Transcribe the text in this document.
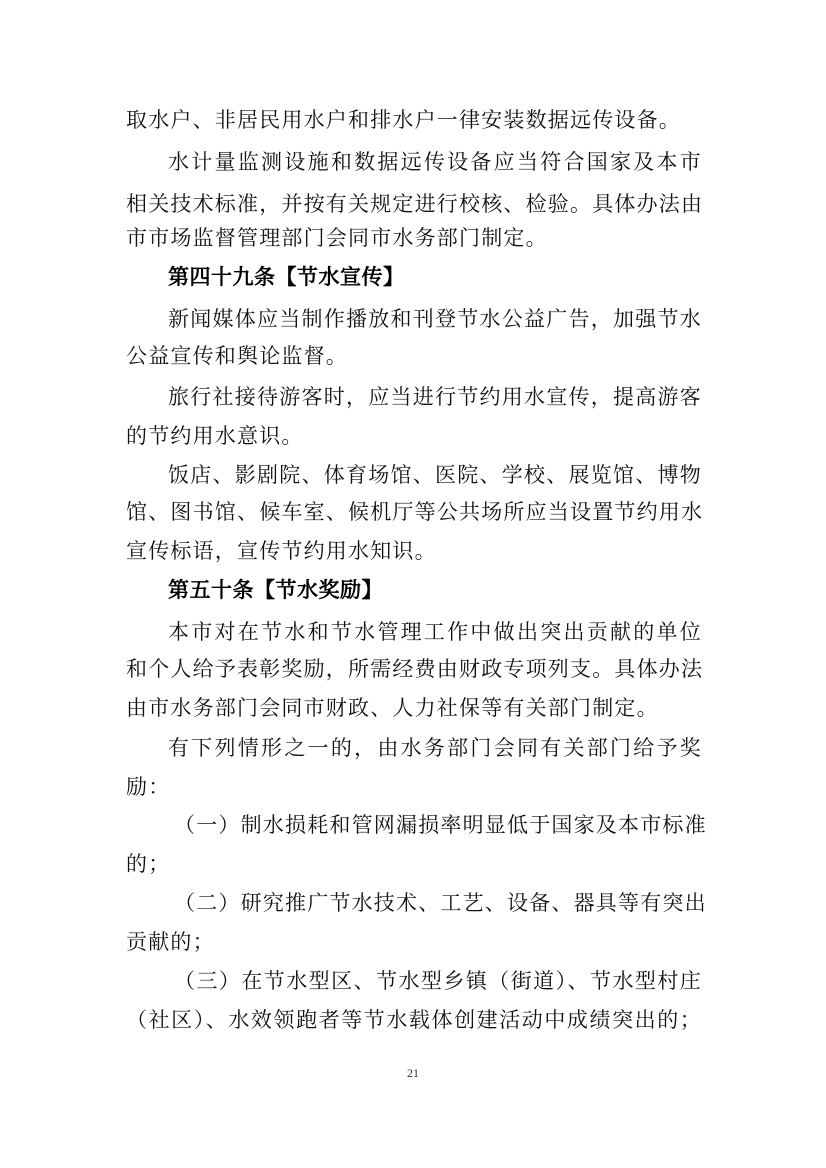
取水户、非居民用水户和排水户一律安装数据远传设备。
水计量监测设施和数据远传设备应当符合国家及本市
相关技术标准，并按有关规定进行校核、检验。具体办法由
市市场监督管理部门会同市水务部门制定。
第四十九条【节水宣传】
新闻媒体应当制作播放和刊登节水公益广告，加强节水
公益宣传和舆论监督。
旅行社接待游客时，应当进行节约用水宣传，提高游客
的节约用水意识。
饭店、影剧院、体育场馆、医院、学校、展览馆、博物
馆、图书馆、候车室、候机厅等公共场所应当设置节约用水
宣传标语，宣传节约用水知识。
第五十条【节水奖励】
本市对在节水和节水管理工作中做出突出贡献的单位
和个人给予表彰奖励，所需经费由财政专项列支。具体办法
由市水务部门会同市财政、人力社保等有关部门制定。
有下列情形之一的，由水务部门会同有关部门给予奖
励：
（一）制水损耗和管网漏损率明显低于国家及本市标准
的；
（二）研究推广节水技术、工艺、设备、器具等有突出
贡献的；
（三）在节水型区、节水型乡镇（街道）、节水型村庄
（社区）、水效领跑者等节水载体创建活动中成绩突出的；
21
